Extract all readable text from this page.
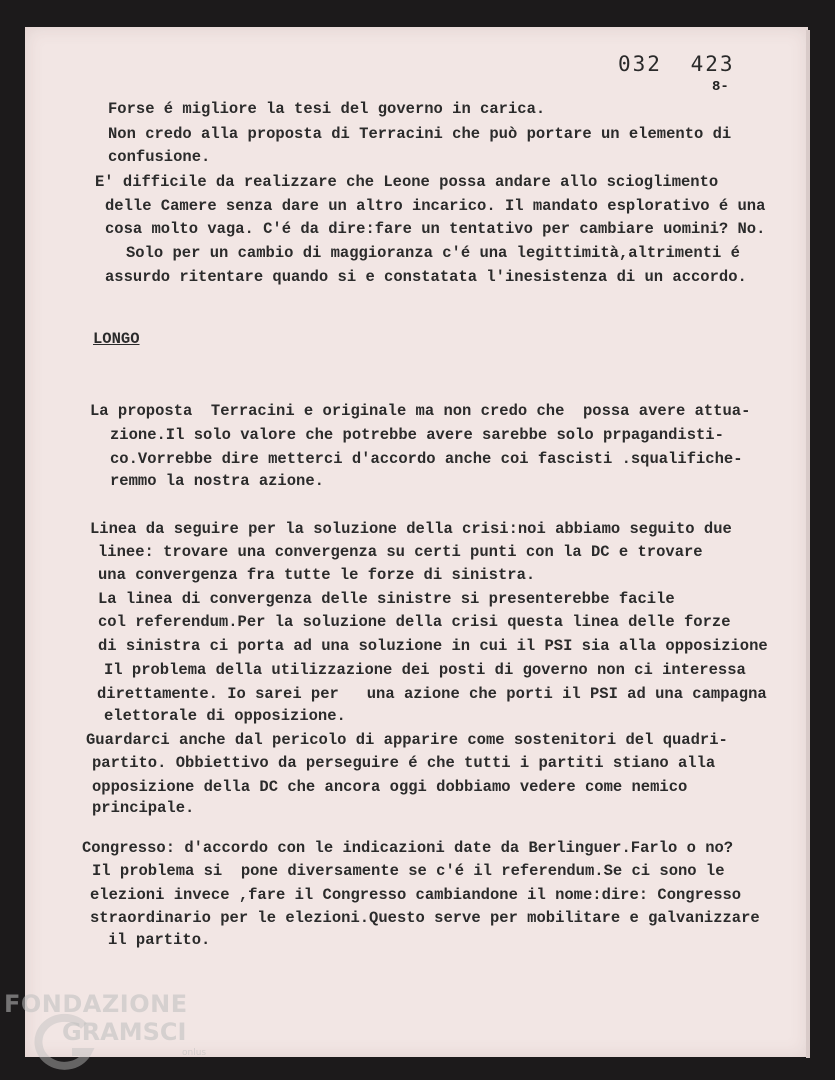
032 423
8-
Forse é migliore la tesi del governo in carica.
Non credo alla proposta di Terracini che può portare un elemento di
confusione.
E' difficile da realizzare che Leone possa andare allo scioglimento
delle Camere senza dare un altro incarico. Il mandato esplorativo é una
cosa molto vaga. C'é da dire:fare un tentativo per cambiare uomini? No.
Solo per un cambio di maggioranza c'é una legittimità,altrimenti é
assurdo ritentare quando si e constatata l'inesistenza di un accordo.
LONGO
La proposta  Terracini e originale ma non credo che  possa avere attua-
zione.Il solo valore che potrebbe avere sarebbe solo prpagandisti-
co.Vorrebbe dire metterci d'accordo anche coi fascisti .squalifiche-
remmo la nostra azione.
Linea da seguire per la soluzione della crisi:noi abbiamo seguito due
linee: trovare una convergenza su certi punti con la DC e trovare
una convergenza fra tutte le forze di sinistra.
La linea di convergenza delle sinistre si presenterebbe facile
col referendum.Per la soluzione della crisi questa linea delle forze
di sinistra ci porta ad una soluzione in cui il PSI sia alla opposizione
Il problema della utilizzazione dei posti di governo non ci interessa
direttamente. Io sarei per   una azione che porti il PSI ad una campagna
elettorale di opposizione.
Guardarci anche dal pericolo di apparire come sostenitori del quadri-
partito. Obbiettivo da perseguire é che tutti i partiti stiano alla
opposizione della DC che ancora oggi dobbiamo vedere come nemico
principale.
Congresso: d'accordo con le indicazioni date da Berlinguer.Farlo o no?
Il problema si  pone diversamente se c'é il referendum.Se ci sono le
elezioni invece ,fare il Congresso cambiandone il nome:dire: Congresso
straordinario per le elezioni.Questo serve per mobilitare e galvanizzare
il partito.
FONDAZIONE
GRAMSCI
onlus
